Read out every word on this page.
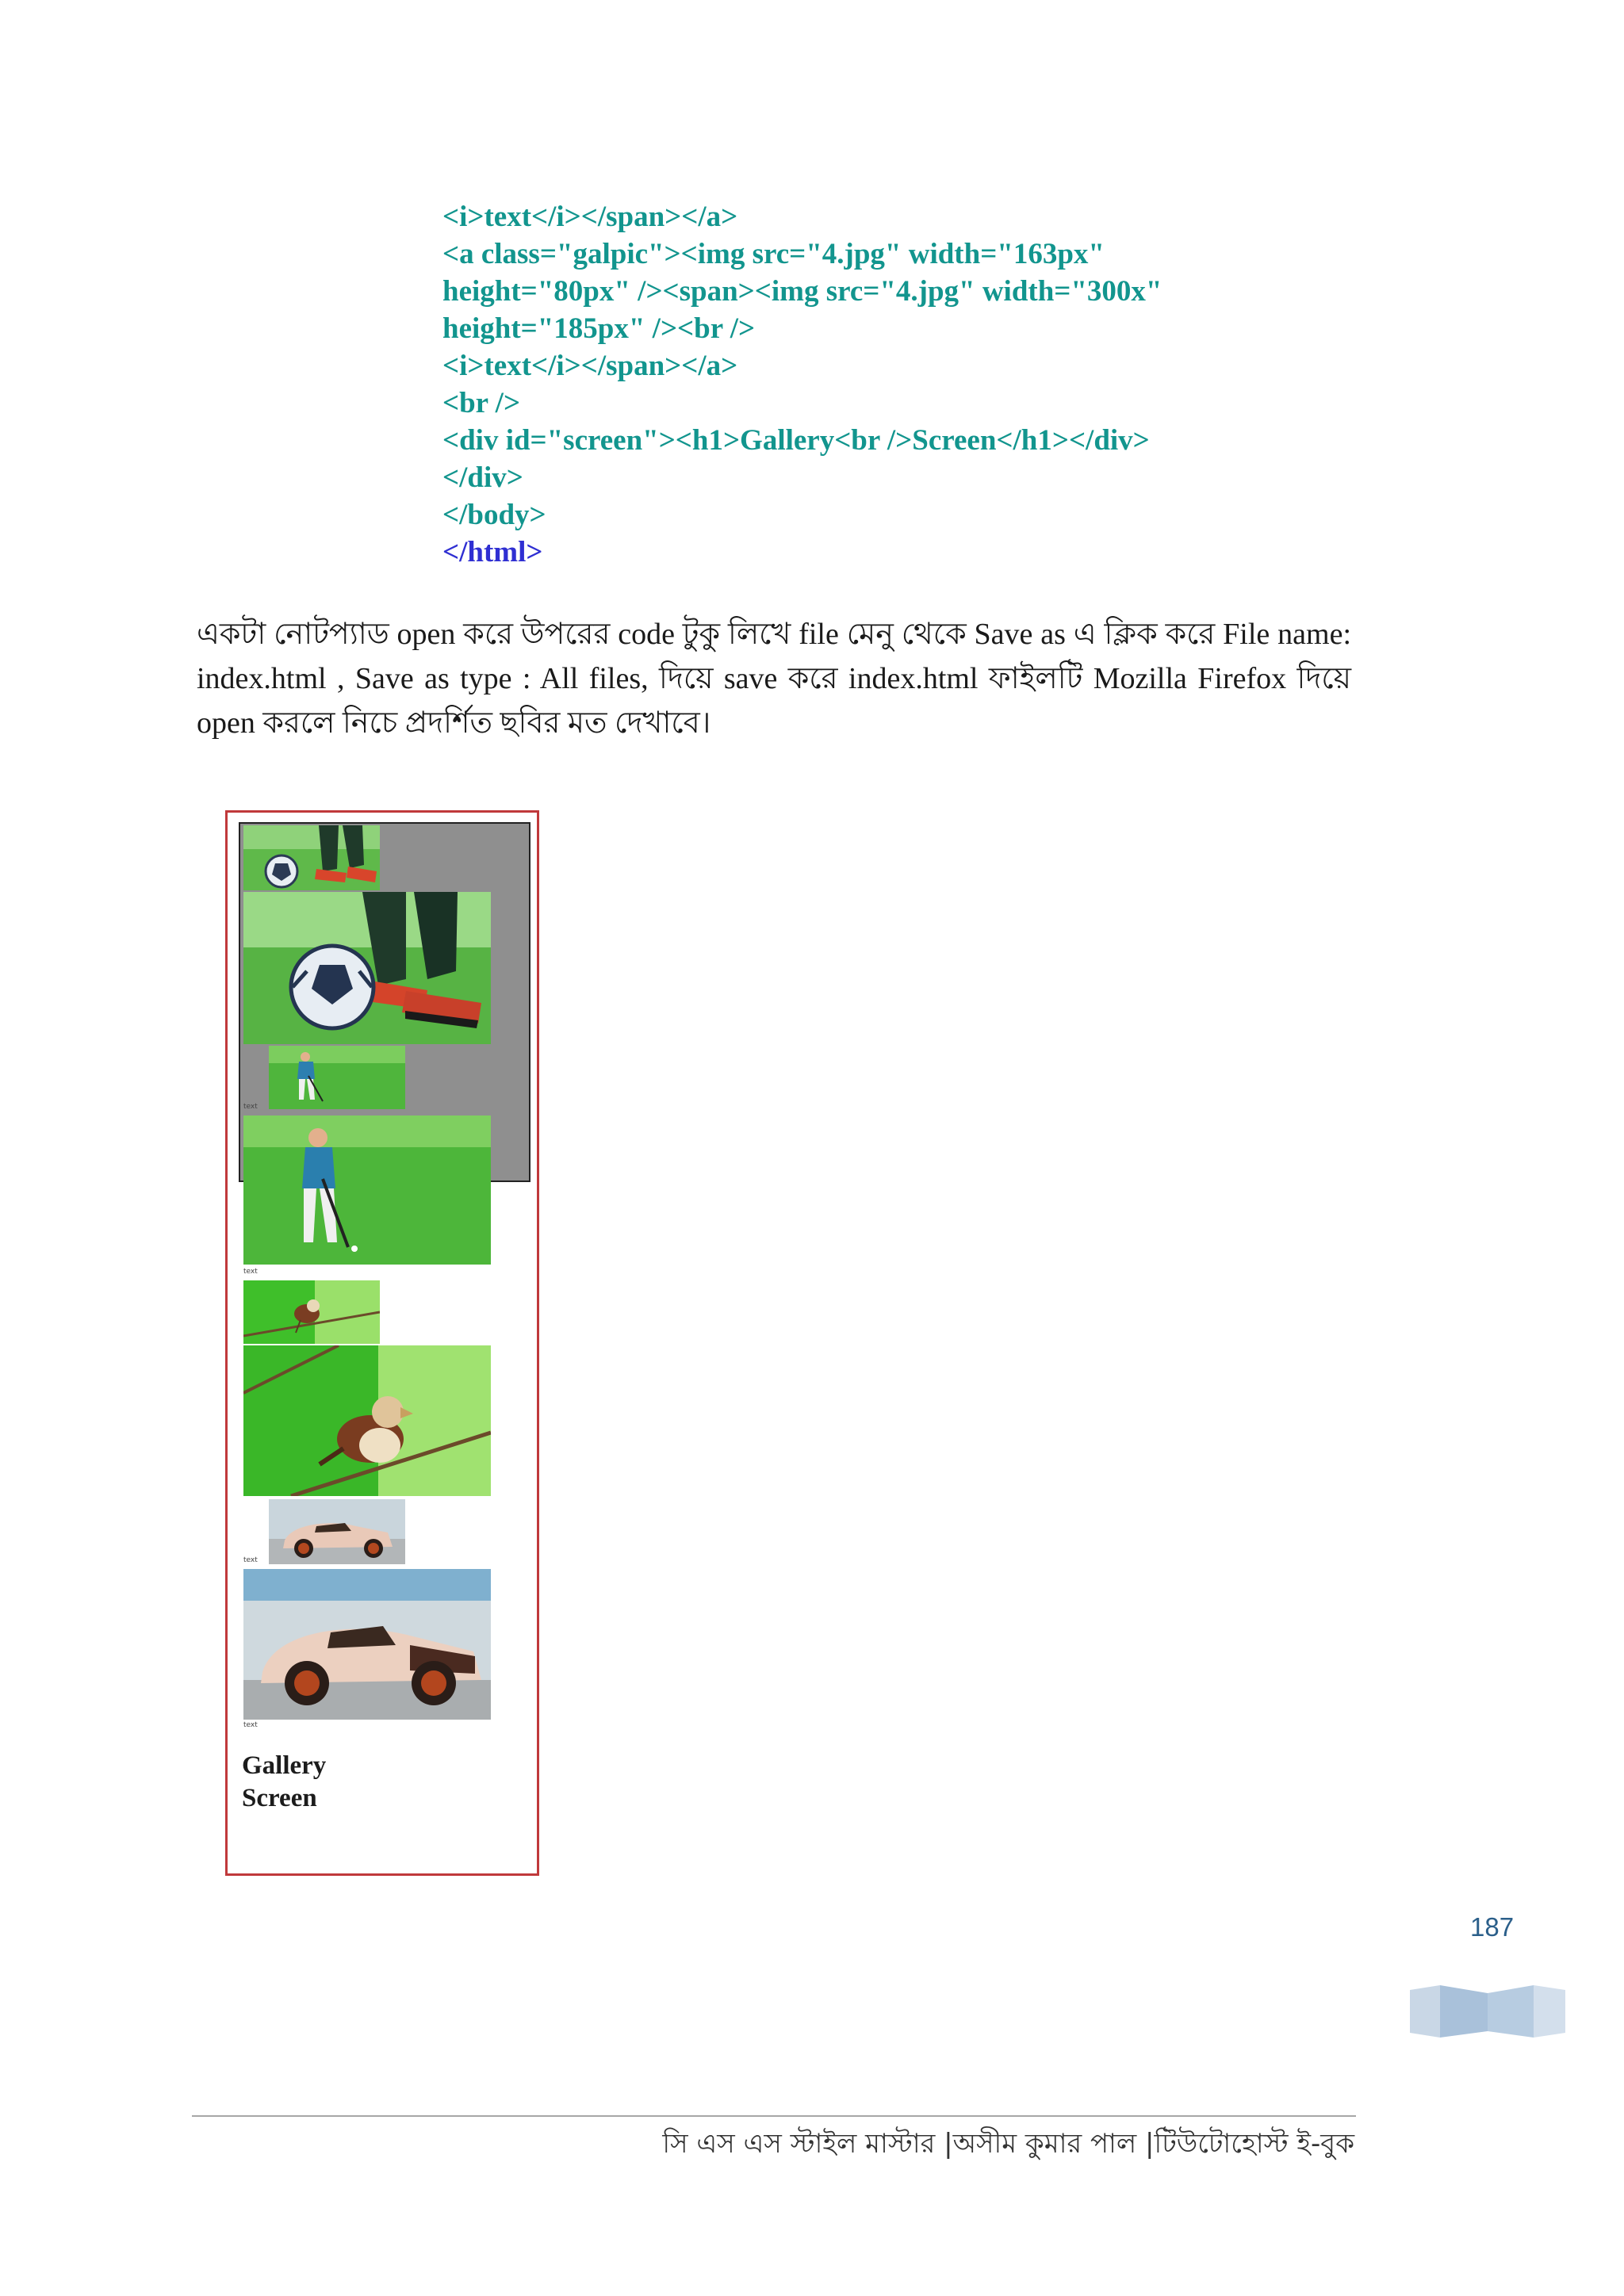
<i>text</i></span></a>
<a class="galpic"><img src="4.jpg" width="163px"
height="80px" /><span><img src="4.jpg" width="300x"
height="185px" /><br />
<i>text</i></span></a>
<br />
<div id="screen"><h1>Gallery<br />Screen</h1></div>
</div>
</body>
</html>
একটা নোটপ্যাড open করে উপরের code টুকু লিখে file মেনু থেকে Save as এ ক্লিক করে File name: index.html , Save as type : All files, দিয়ে save করে index.html ফাইলটি Mozilla Firefox দিয়ে open করলে নিচে প্রদর্শিত ছবির মত দেখাবে।
text
text
text
text
Gallery
Screen
187
সি এস এস স্টাইল মাস্টার |অসীম কুমার পাল |টিউটোহোস্ট ই-বুক
